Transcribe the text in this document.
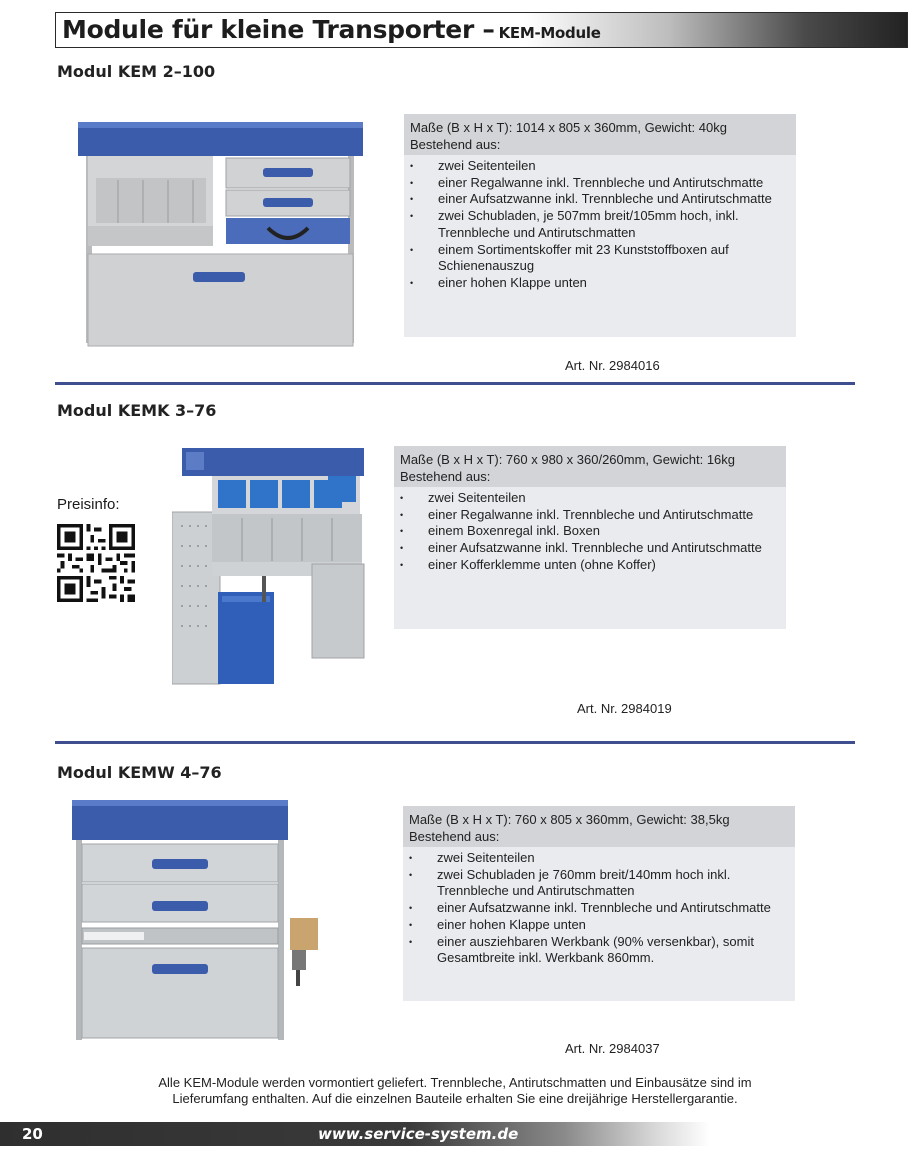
Module für kleine Transporter – KEM-Module
Modul KEM 2–100
Maße (B x H x T): 1014 x 805 x 360mm, Gewicht: 40kg
Bestehend aus:
• zwei Seitenteilen
• einer Regalwanne inkl. Trennbleche und Antirutschmatte
• einer Aufsatzwanne inkl. Trennbleche und Antirutschmatte
• zwei Schubladen, je 507mm breit/105mm hoch, inkl. Trennbleche und Antirutschmatten
• einem Sortimentskoffer mit 23 Kunststoffboxen auf Schienenauszug
• einer hohen Klappe unten
Art. Nr. 2984016
Modul KEMK 3–76
Preisinfo:
Maße (B x H x T): 760 x 980 x 360/260mm, Gewicht: 16kg
Bestehend aus:
• zwei Seitenteilen
• einer Regalwanne inkl. Trennbleche und Antirutschmatte
• einem Boxenregal inkl. Boxen
• einer Aufsatzwanne inkl. Trennbleche und Antirutschmatte
• einer Kofferklemme unten (ohne Koffer)
Art. Nr. 2984019
Modul KEMW 4–76
Maße (B x H x T): 760 x 805 x 360mm, Gewicht: 38,5kg
Bestehend aus:
• zwei Seitenteilen
• zwei Schubladen je 760mm breit/140mm hoch inkl. Trennbleche und Antirutschmatten
• einer Aufsatzwanne inkl. Trennbleche und Antirutschmatte
• einer hohen Klappe unten
• einer ausziehbaren Werkbank (90% versenkbar), somit Gesamtbreite inkl. Werkbank 860mm.
Art. Nr. 2984037
Alle KEM-Module werden vormontiert geliefert. Trennbleche, Antirutschmatten und Einbausätze sind im
Lieferumfang enthalten. Auf die einzelnen Bauteile erhalten Sie eine dreijährige Herstellergarantie.
20	www.service-system.de
